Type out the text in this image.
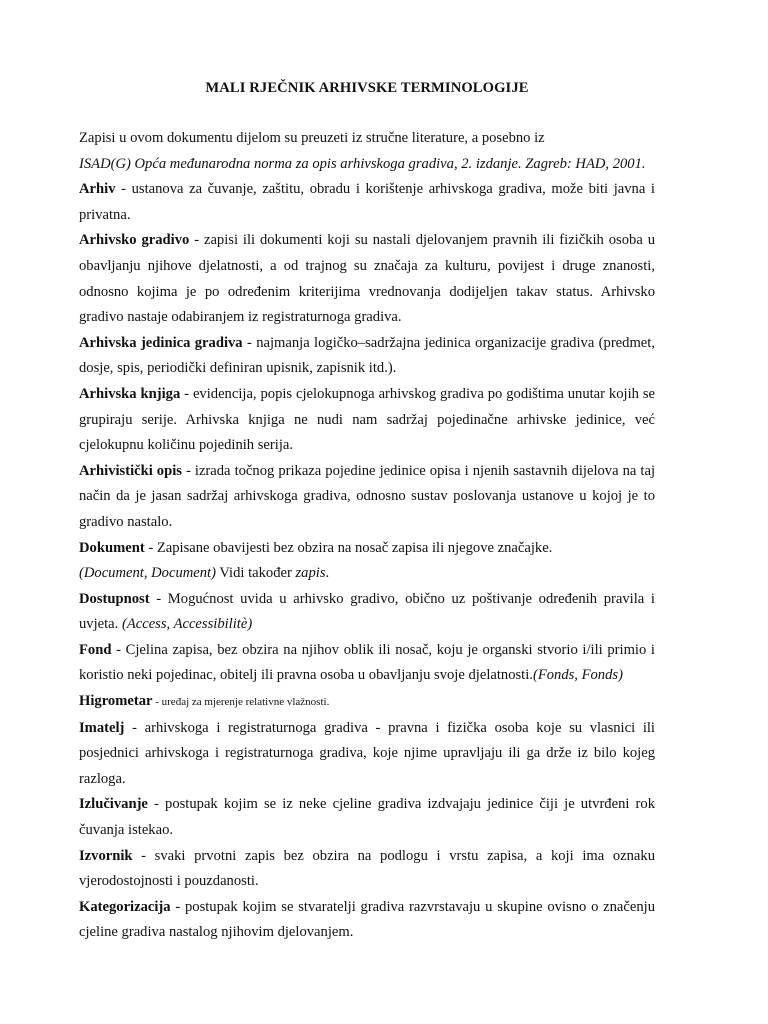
MALI RJEČNIK ARHIVSKE TERMINOLOGIJE

Zapisi u ovom dokumentu dijelom su preuzeti iz stručne literature, a posebno iz

ISAD(G) Opća međunarodna norma za opis arhivskoga gradiva, 2. izdanje. Zagreb: HAD, 2001.

Arhiv - ustanova za čuvanje, zaštitu, obradu i korištenje arhivskoga gradiva, može biti javna i privatna.

Arhivsko gradivo - zapisi ili dokumenti koji su nastali djelovanjem pravnih ili fizičkih osoba u obavljanju njihove djelatnosti, a od trajnog su značaja za kulturu, povijest i druge znanosti, odnosno kojima je po određenim kriterijima vrednovanja dodijeljen takav status. Arhivsko gradivo nastaje odabiranjem iz registraturnoga gradiva.

Arhivska jedinica gradiva - najmanja logičko–sadržajna jedinica organizacije gradiva (predmet, dosje, spis, periodički definiran upisnik, zapisnik itd.).

Arhivska knjiga - evidencija, popis cjelokupnoga arhivskog gradiva po godištima unutar kojih se grupiraju serije. Arhivska knjiga ne nudi nam sadržaj pojedinačne arhivske jedinice, već cjelokupnu količinu pojedinih serija.

Arhivistički opis - izrada točnog prikaza pojedine jedinice opisa i njenih sastavnih dijelova na taj način da je jasan sadržaj arhivskoga gradiva, odnosno sustav poslovanja ustanove u kojoj je to gradivo nastalo.

Dokument - Zapisane obavijesti bez obzira na nosač zapisa ili njegove značajke.

(Document, Document) Vidi također zapis.

Dostupnost - Mogućnost uvida u arhivsko gradivo, obično uz poštivanje određenih pravila i uvjeta. (Access, Accessibilitè)

Fond - Cjelina zapisa, bez obzira na njihov oblik ili nosač, koju je organski stvorio i/ili primio i koristio neki pojedinac, obitelj ili pravna osoba u obavljanju svoje djelatnosti.(Fonds, Fonds)

Higrometar - uređaj za mjerenje relativne vlažnosti.

Imatelj - arhivskoga i registraturnoga gradiva - pravna i fizička osoba koje su vlasnici ili posjednici arhivskoga i registraturnoga gradiva, koje njime upravljaju ili ga drže iz bilo kojeg razloga.

Izlučivanje - postupak kojim se iz neke cjeline gradiva izdvajaju jedinice čiji je utvrđeni rok čuvanja istekao.

Izvornik - svaki prvotni zapis bez obzira na podlogu i vrstu zapisa, a koji ima oznaku vjerodostojnosti i pouzdanosti.

Kategorizacija - postupak kojim se stvaratelji gradiva razvrstavaju u skupine ovisno o značenju cjeline gradiva nastalog njihovim djelovanjem.
